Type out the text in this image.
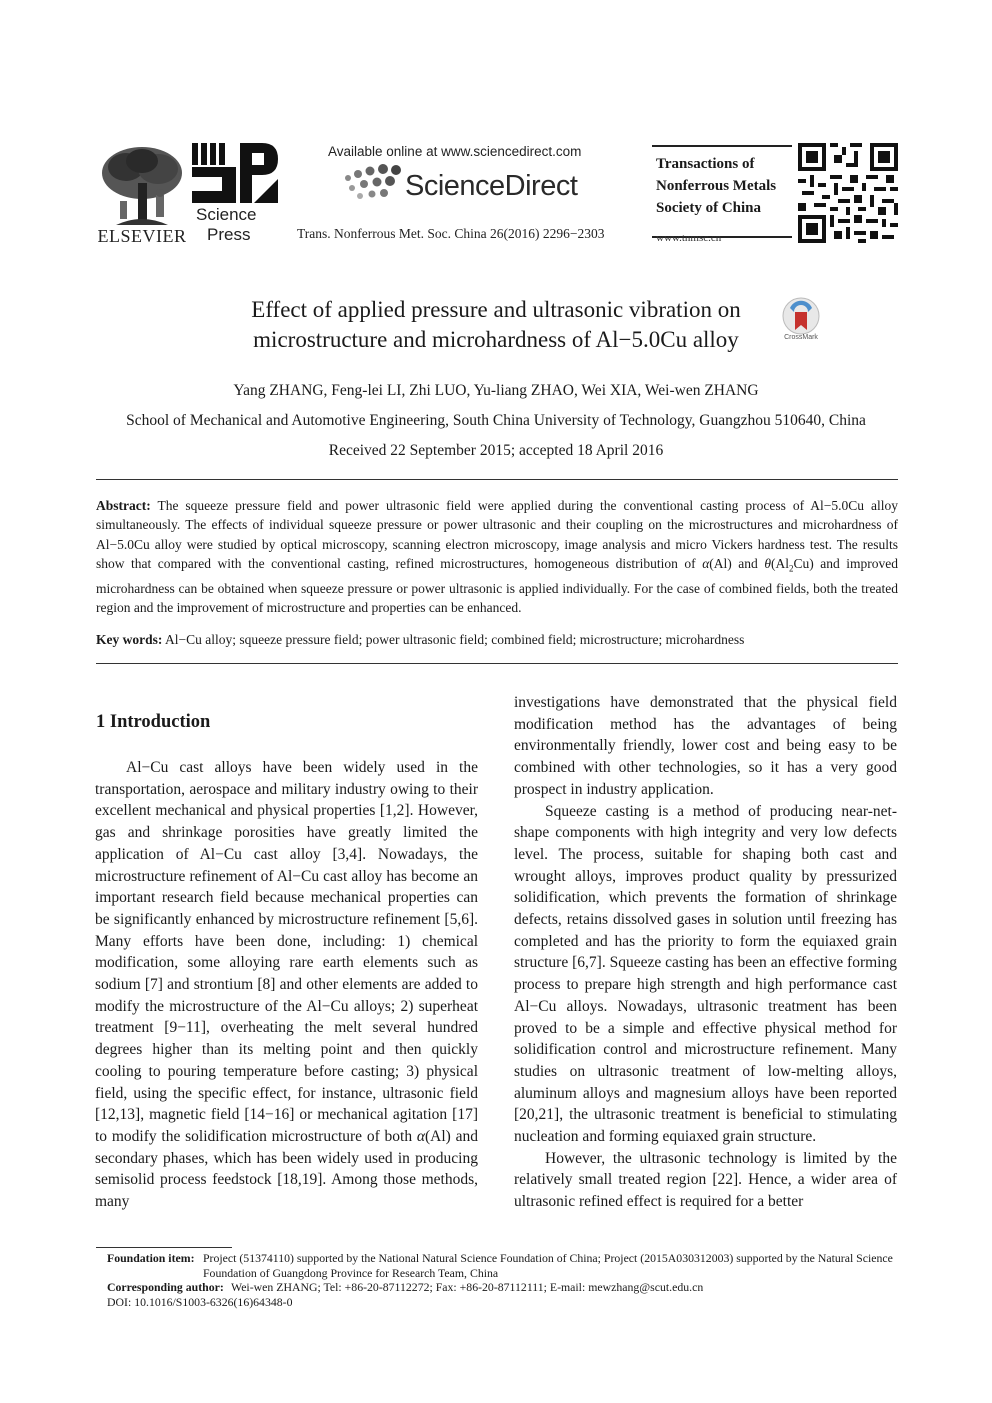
ELSEVIER
Science
Press
Available online at www.sciencedirect.com
ScienceDirect
Trans. Nonferrous Met. Soc. China 26(2016) 2296−2303
Transactions of
Nonferrous Metals
Society of China
www.tnmsc.cn
Effect of applied pressure and ultrasonic vibration on
microstructure and microhardness of Al−5.0Cu alloy	CrossMark
Yang ZHANG, Feng-lei LI, Zhi LUO, Yu-liang ZHAO, Wei XIA, Wei-wen ZHANG
School of Mechanical and Automotive Engineering, South China University of Technology, Guangzhou 510640, China
Received 22 September 2015; accepted 18 April 2016
Abstract: The squeeze pressure field and power ultrasonic field were applied during the conventional casting process of Al−5.0Cu alloy simultaneously. The effects of individual squeeze pressure or power ultrasonic and their coupling on the microstructures and microhardness of Al−5.0Cu alloy were studied by optical microscopy, scanning electron microscopy, image analysis and micro Vickers hardness test. The results show that compared with the conventional casting, refined microstructures, homogeneous distribution of α(Al) and $\theta(Al_2Cu)$ and improved microhardness can be obtained when squeeze pressure or power ultrasonic is applied individually. For the case of combined fields, both the treated region and the improvement of microstructure and properties can be enhanced.
Key words: Al−Cu alloy; squeeze pressure field; power ultrasonic field; combined field; microstructure; microhardness
1 Introduction

Al−Cu cast alloys have been widely used in the transportation, aerospace and military industry owing to their excellent mechanical and physical properties [1,2]. However, gas and shrinkage porosities have greatly limited the application of Al−Cu cast alloy [3,4]. Nowadays, the microstructure refinement of Al−Cu cast alloy has become an important research field because mechanical properties can be significantly enhanced by microstructure refinement [5,6]. Many efforts have been done, including: 1) chemical modification, some alloying rare earth elements such as sodium [7] and strontium [8] and other elements are added to modify the microstructure of the Al−Cu alloys; 2) superheat treatment [9−11], overheating the melt several hundred degrees higher than its melting point and then quickly cooling to pouring temperature before casting; 3) physical field, using the specific effect, for instance, ultrasonic field [12,13], magnetic field [14−16] or mechanical agitation [17] to modify the solidification microstructure of both α(Al) and secondary phases, which has been widely used in producing semisolid process feedstock [18,19]. Among those methods, many

investigations have demonstrated that the physical field modification method has the advantages of being environmentally friendly, lower cost and being easy to be combined with other technologies, so it has a very good prospect in industry application.

Squeeze casting is a method of producing near-net-shape components with high integrity and very low defects level. The process, suitable for shaping both cast and wrought alloys, improves product quality by pressurized solidification, which prevents the formation of shrinkage defects, retains dissolved gases in solution until freezing has completed and has the priority to form the equiaxed grain structure [6,7]. Squeeze casting has been an effective forming process to prepare high strength and high performance cast Al−Cu alloys. Nowadays, ultrasonic treatment has been proved to be a simple and effective physical method for solidification control and microstructure refinement. Many studies on ultrasonic treatment of low-melting alloys, aluminum alloys and magnesium alloys have been reported [20,21], the ultrasonic treatment is beneficial to stimulating nucleation and forming equiaxed grain structure.

However, the ultrasonic technology is limited by the relatively small treated region [22]. Hence, a wider area of ultrasonic refined effect is required for a better

Foundation item: Project (51374110) supported by the National Natural Science Foundation of China; Project (2015A030312003) supported by the Natural Science Foundation of Guangdong Province for Research Team, China
Corresponding author: Wei-wen ZHANG; Tel: +86-20-87112272; Fax: +86-20-87112111; E-mail: mewzhang@scut.edu.cn
DOI: 10.1016/S1003-6326(16)64348-0
